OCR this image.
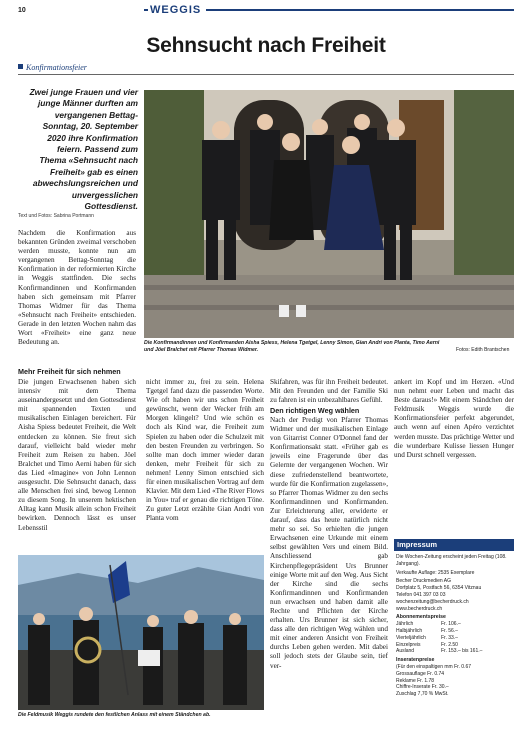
10	WEGGIS
Sehnsucht nach Freiheit
Konfirmationsfeier
Zwei junge Frauen und vier junge Männer durften am vergangenen Bettag-Sonntag, 20. September 2020 ihre Konfirmation feiern. Passend zum Thema «Sehnsucht nach Freiheit» gab es einen abwechslungsreichen und unvergesslichen Gottesdienst.
Text und Fotos: Sabrina Portmann
Die Konfirmandinnen und Konfirmanden Aisha Spiess, Helena Tgetgel, Lenny Simon, Gian Andri von Planta, Timo Aerni und Jöel Bralchet mit Pfarrer Thomas Widmer.	Fotos: Edith Brantschen
Nachdem die Konfirmation aus bekannten Gründen zweimal verschoben werden musste, konnte nun am vergangenen Bettag-Sonntag die Konfirmation in der reformierten Kirche in Weggis stattfinden. Die sechs Konfirmandinnen und Konfirmanden haben sich gemeinsam mit Pfarrer Thomas Widmer für das Thema «Sehnsucht nach Freiheit» entschieden. Gerade in den letzten Wochen nahm das Wort «Freiheit» eine ganz neue Bedeutung an.
Mehr Freiheit für sich nehmen
Die jungen Erwachsenen haben sich intensiv mit dem Thema auseinandergesetzt und den Gottesdienst mit spannenden Texten und musikalischen Einlagen bereichert. Für Aisha Spiess bedeutet Freiheit, die Welt entdecken zu können. Sie freut sich darauf, vielleicht bald wieder mehr Freiheit zum Reisen zu haben. Jöel Bralchet und Timo Aerni haben für sich das Lied «Imagine» von John Lennon ausgesucht. Die Sehnsucht danach, dass alle Menschen frei sind, bewog Lennon zu diesem Song. In unserem hektischen Alltag kann Musik allein schon Freiheit bewirken. Dennoch lässt es unser Lebensstil
nicht immer zu, frei zu sein. Helena Tgetgel fand dazu die passenden Worte. Wie oft haben wir uns schon Freiheit gewünscht, wenn der Wecker früh am Morgen klingelt? Und wie schön es doch als Kind war, die Freiheit zum Spielen zu haben oder die Schulzeit mit den besten Freunden zu verbringen. So sollte man doch immer wieder daran denken, mehr Freiheit für sich zu nehmen! Lenny Simon entschied sich für einen musikalischen Vortrag auf dem Klavier. Mit dem Lied «The River Flows in You» traf er genau die richtigen Töne. Zu guter Letzt erzählte Gian Andri von Planta vom
Skifahren, was für ihn Freiheit bedeutet. Mit den Freunden und der Familie Ski zu fahren ist ein unbezahlbares Gefühl.
Den richtigen Weg wählen
Nach der Predigt von Pfarrer Thomas Widmer und der musikalischen Einlage von Gitarrist Conner O'Donnel fand der Konfirmationsakt statt. «Früher gab es jeweils eine Fragerunde über das Gelernte der vergangenen Wochen. Wir diese zufriedenstellend beantwortete, wurde für die Konfirmation zugelassen», so Pfarrer Thomas Widmer zu den sechs Konfirmandinnen und Konfirmanden. Zur Erleichterung aller, erwiderte er darauf, dass das heute natürlich nicht mehr so sei. So erhielten die jungen Erwachsenen eine Urkunde mit einem selbst gewählten Vers und einem Bild. Anschliessend gab Kirchenpflegepräsident Urs Brunner einige Worte mit auf den Weg. Aus Sicht der Kirche sind die sechs Konfirmandinnen und Konfirmanden nun erwachsen und haben damit alle Rechte und Pflichten der Kirche erhalten. Urs Brunner ist sich sicher, dass alle den richtigen Weg wählen und mit einer anderen Ansicht von Freiheit durchs Leben gehen werden. Mit dabei soll jedoch stets der Glaube sein, tief ver-
ankert im Kopf und im Herzen. «Und nun nehmt euer Leben und macht das Beste daraus!» Mit einem Ständchen der Feldmusik Weggis wurde die Konfirmationsfeier perfekt abgerundet, auch wenn auf einen Apéro verzichtet werden musste. Das prächtige Wetter und die wunderbare Kulisse liessen Hunger und Durst schnell vergessen.
Die Feldmusik Weggis rundete den festlichen Anlass mit einem Ständchen ab.
Impressum
Die Wochen-Zeitung erscheint jeden Freitag (108. Jahrgang).
Verkaufte Auflage: 2535 Exemplare
Becher Druckmedien AG
Dorfplatz 5, Postfach 56, 6354 Vitznau
Telefon 041 397 03 03
wochenzeitung@becherdruck.ch
www.becherdruck.ch
Abonnementspreise
Jährlich	Fr. 106.–
Halbjährlich	Fr. 56.–
Vierteljährlich	Fr. 33.–
Einzelpreis	Fr. 2.50
Ausland	Fr. 153.– bis 161.–
Inseratenpreise
(Für den einspaltigen mm Fr. 0.67
Grossauflage Fr. 0.74
Reklame Fr. 1.78
Chiffre-Inserate Fr. 30.–
Zuschlag 7,70 % MwSt.
